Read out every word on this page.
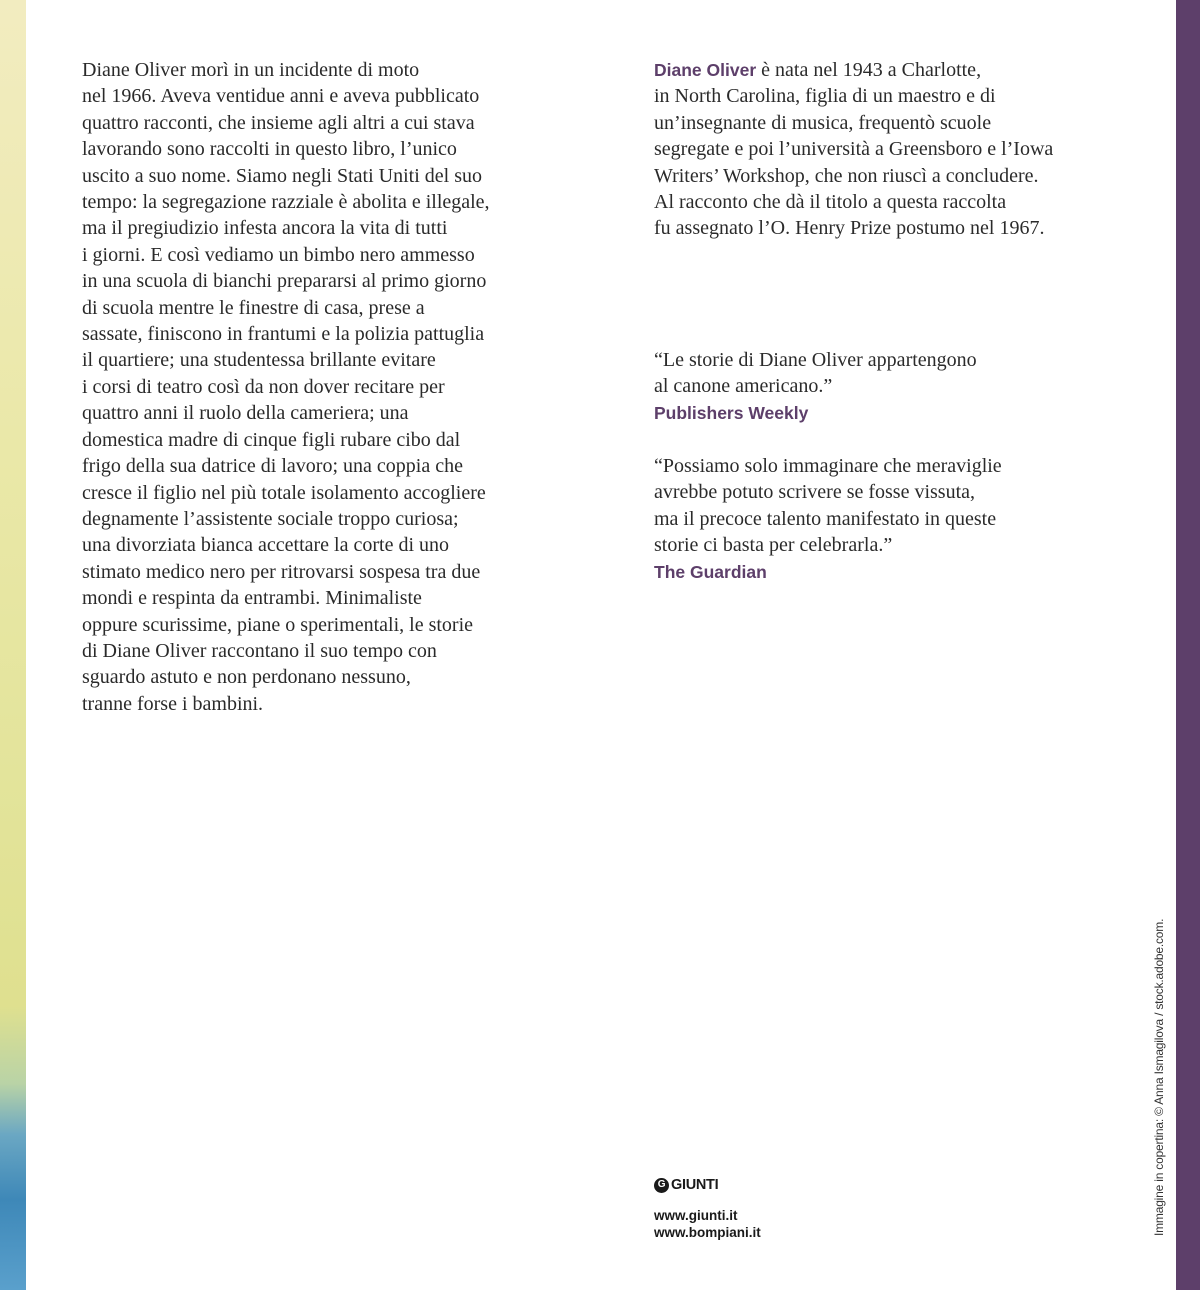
Diane Oliver morì in un incidente di moto
nel 1966. Aveva ventidue anni e aveva pubblicato
quattro racconti, che insieme agli altri a cui stava
lavorando sono raccolti in questo libro, l’unico
uscito a suo nome. Siamo negli Stati Uniti del suo
tempo: la segregazione razziale è abolita e illegale,
ma il pregiudizio infesta ancora la vita di tutti
i giorni. E così vediamo un bimbo nero ammesso
in una scuola di bianchi prepararsi al primo giorno
di scuola mentre le finestre di casa, prese a
sassate, finiscono in frantumi e la polizia pattuglia
il quartiere; una studentessa brillante evitare
i corsi di teatro così da non dover recitare per
quattro anni il ruolo della cameriera; una
domestica madre di cinque figli rubare cibo dal
frigo della sua datrice di lavoro; una coppia che
cresce il figlio nel più totale isolamento accogliere
degnamente l’assistente sociale troppo curiosa;
una divorziata bianca accettare la corte di uno
stimato medico nero per ritrovarsi sospesa tra due
mondi e respinta da entrambi. Minimaliste
oppure scurissime, piane o sperimentali, le storie
di Diane Oliver raccontano il suo tempo con
sguardo astuto e non perdonano nessuno,
tranne forse i bambini.
Diane Oliver è nata nel 1943 a Charlotte,
in North Carolina, figlia di un maestro e di
un’insegnante di musica, frequentò scuole
segregate e poi l’università a Greensboro e l’Iowa
Writers’ Workshop, che non riuscì a concludere.
Al racconto che dà il titolo a questa raccolta
fu assegnato l’O. Henry Prize postumo nel 1967.
“Le storie di Diane Oliver appartengono
al canone americano.”
Publishers Weekly
“Possiamo solo immaginare che meraviglie
avrebbe potuto scrivere se fosse vissuta,
ma il precoce talento manifestato in queste
storie ci basta per celebrarla.”
The Guardian
G GIUNTI
www.giunti.it
www.bompiani.it	Immagine in copertina: © Anna Ismagilova / stock.adobe.com.
